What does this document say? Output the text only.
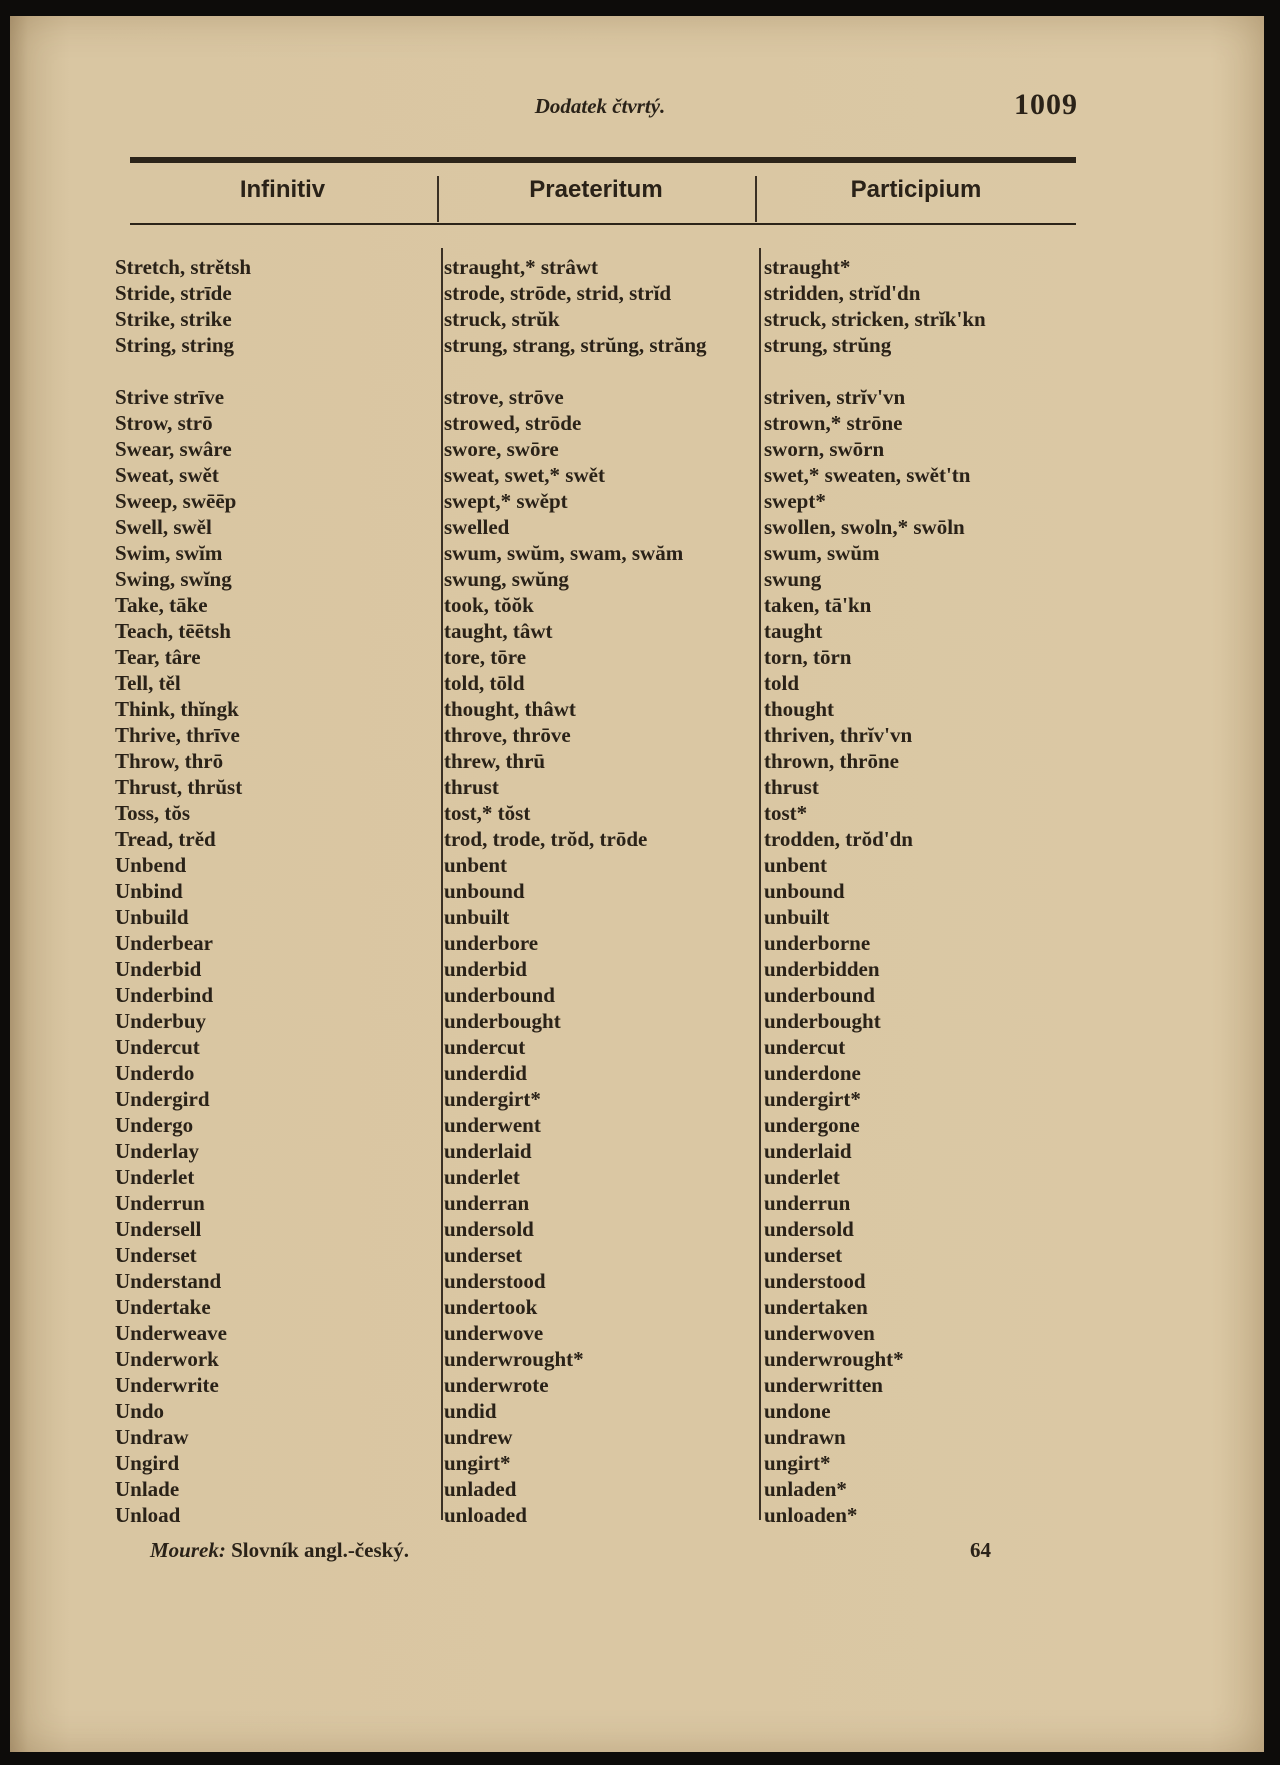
Dodatek čtvrtý.	1009
Infinitiv	Praeteritum	Participium
Stretch, strětsh	straught,* strâwt	straught*
Stride, strīde	strode, strōde, strid, strĭd	stridden, strĭd'dn
Strike, strike	struck, strŭk	struck, stricken, strĭk'kn
String, string	strung, strang, strŭng, străng	strung, strŭng
Strive strīve	strove, strōve	striven, strĭv'vn
Strow, strō	strowed, strōde	strown,* strōne
Swear, swâre	swore, swōre	sworn, swōrn
Sweat, swět	sweat, swet,* swět	swet,* sweaten, swět'tn
Sweep, swēēp	swept,* swěpt	swept*
Swell, swěl	swelled	swollen, swoln,* swōln
Swim, swĭm	swum, swŭm, swam, swăm	swum, swŭm
Swing, swĭng	swung, swŭng	swung
Take, tāke	took, tŏŏk	taken, tā'kn
Teach, tēētsh	taught, tâwt	taught
Tear, târe	tore, tōre	torn, tōrn
Tell, těl	told, tōld	told
Think, thĭngk	thought, thâwt	thought
Thrive, thrīve	throve, thrōve	thriven, thrĭv'vn
Throw, thrō	threw, thrū	thrown, thrōne
Thrust, thrŭst	thrust	thrust
Toss, tŏs	tost,* tŏst	tost*
Tread, trěd	trod, trode, trŏd, trōde	trodden, trŏd'dn
Unbend	unbent	unbent
Unbind	unbound	unbound
Unbuild	unbuilt	unbuilt
Underbear	underbore	underborne
Underbid	underbid	underbidden
Underbind	underbound	underbound
Underbuy	underbought	underbought
Undercut	undercut	undercut
Underdo	underdid	underdone
Undergird	undergirt*	undergirt*
Undergo	underwent	undergone
Underlay	underlaid	underlaid
Underlet	underlet	underlet
Underrun	underran	underrun
Undersell	undersold	undersold
Underset	underset	underset
Understand	understood	understood
Undertake	undertook	undertaken
Underweave	underwove	underwoven
Underwork	underwrought*	underwrought*
Underwrite	underwrote	underwritten
Undo	undid	undone
Undraw	undrew	undrawn
Ungird	ungirt*	ungirt*
Unlade	unladed	unladen*
Unload	unloaded	unloaden*
Mourek: Slovník angl.-český.	64
